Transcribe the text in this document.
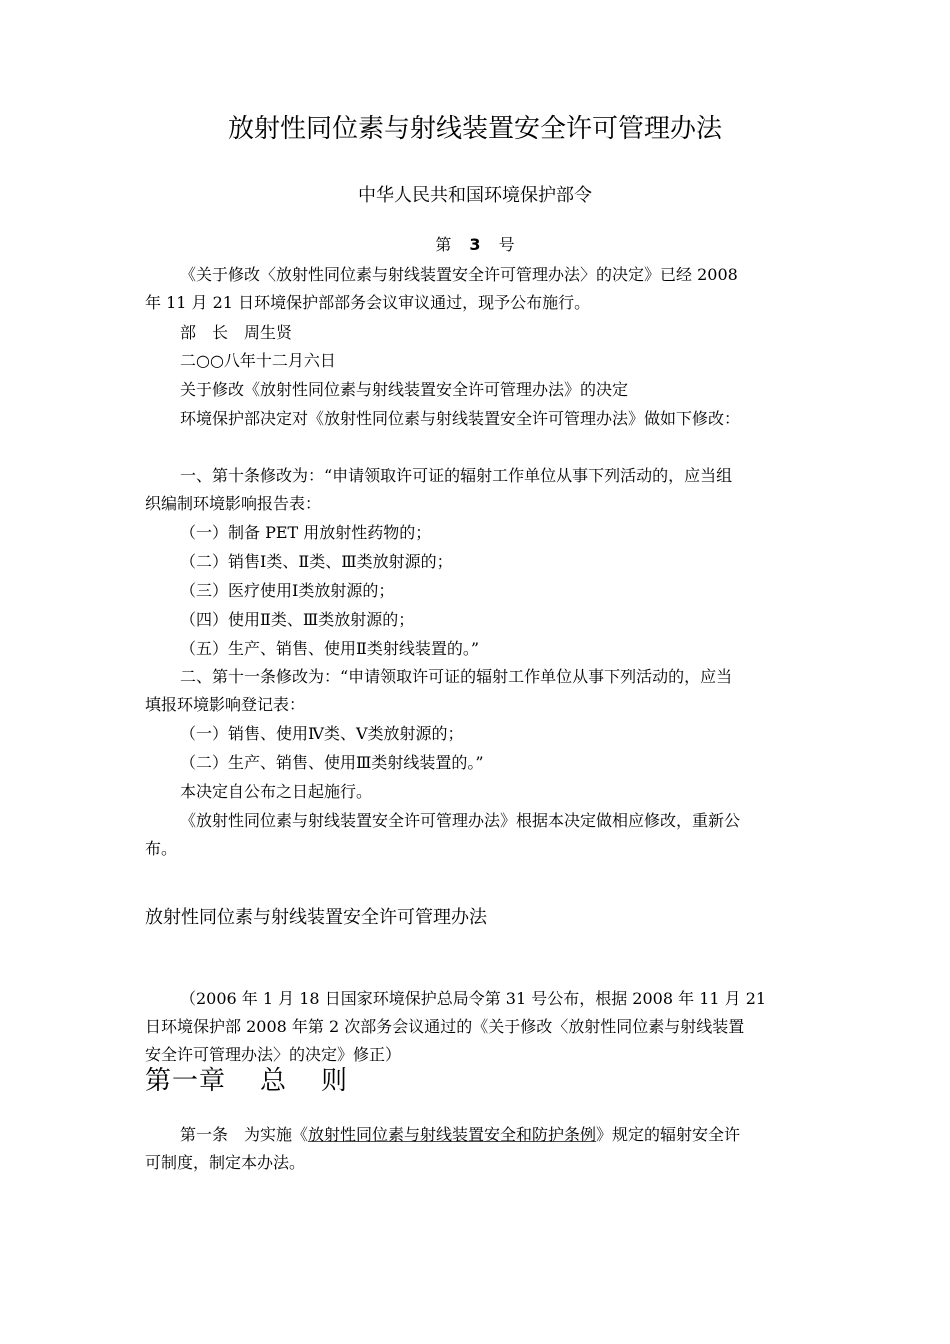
放射性同位素与射线装置安全许可管理办法
中华人民共和国环境保护部令
第 3 号
《关于修改〈放射性同位素与射线装置安全许可管理办法〉的决定》已经 2008
年 11 月 21 日环境保护部部务会议审议通过，现予公布施行。
部　长　周生贤
二○○八年十二月六日
关于修改《放射性同位素与射线装置安全许可管理办法》的决定
环境保护部决定对《放射性同位素与射线装置安全许可管理办法》做如下修改：
一、第十条修改为：“申请领取许可证的辐射工作单位从事下列活动的，应当组
织编制环境影响报告表：
（一）制备 PET 用放射性药物的；
（二）销售Ⅰ类、Ⅱ类、Ⅲ类放射源的；
（三）医疗使用Ⅰ类放射源的；
（四）使用Ⅱ类、Ⅲ类放射源的；
（五）生产、销售、使用Ⅱ类射线装置的。”
二、第十一条修改为：“申请领取许可证的辐射工作单位从事下列活动的，应当
填报环境影响登记表：
（一）销售、使用Ⅳ类、Ⅴ类放射源的；
（二）生产、销售、使用Ⅲ类射线装置的。”
本决定自公布之日起施行。
《放射性同位素与射线装置安全许可管理办法》根据本决定做相应修改，重新公
布。
放射性同位素与射线装置安全许可管理办法
（2006 年 1 月 18 日国家环境保护总局令第 31 号公布，根据 2008 年 11 月 21
日环境保护部 2008 年第 2 次部务会议通过的《关于修改〈放射性同位素与射线装置
安全许可管理办法〉的决定》修正）
第一章 总 则
第一条　为实施《放射性同位素与射线装置安全和防护条例》规定的辐射安全许
可制度，制定本办法。
